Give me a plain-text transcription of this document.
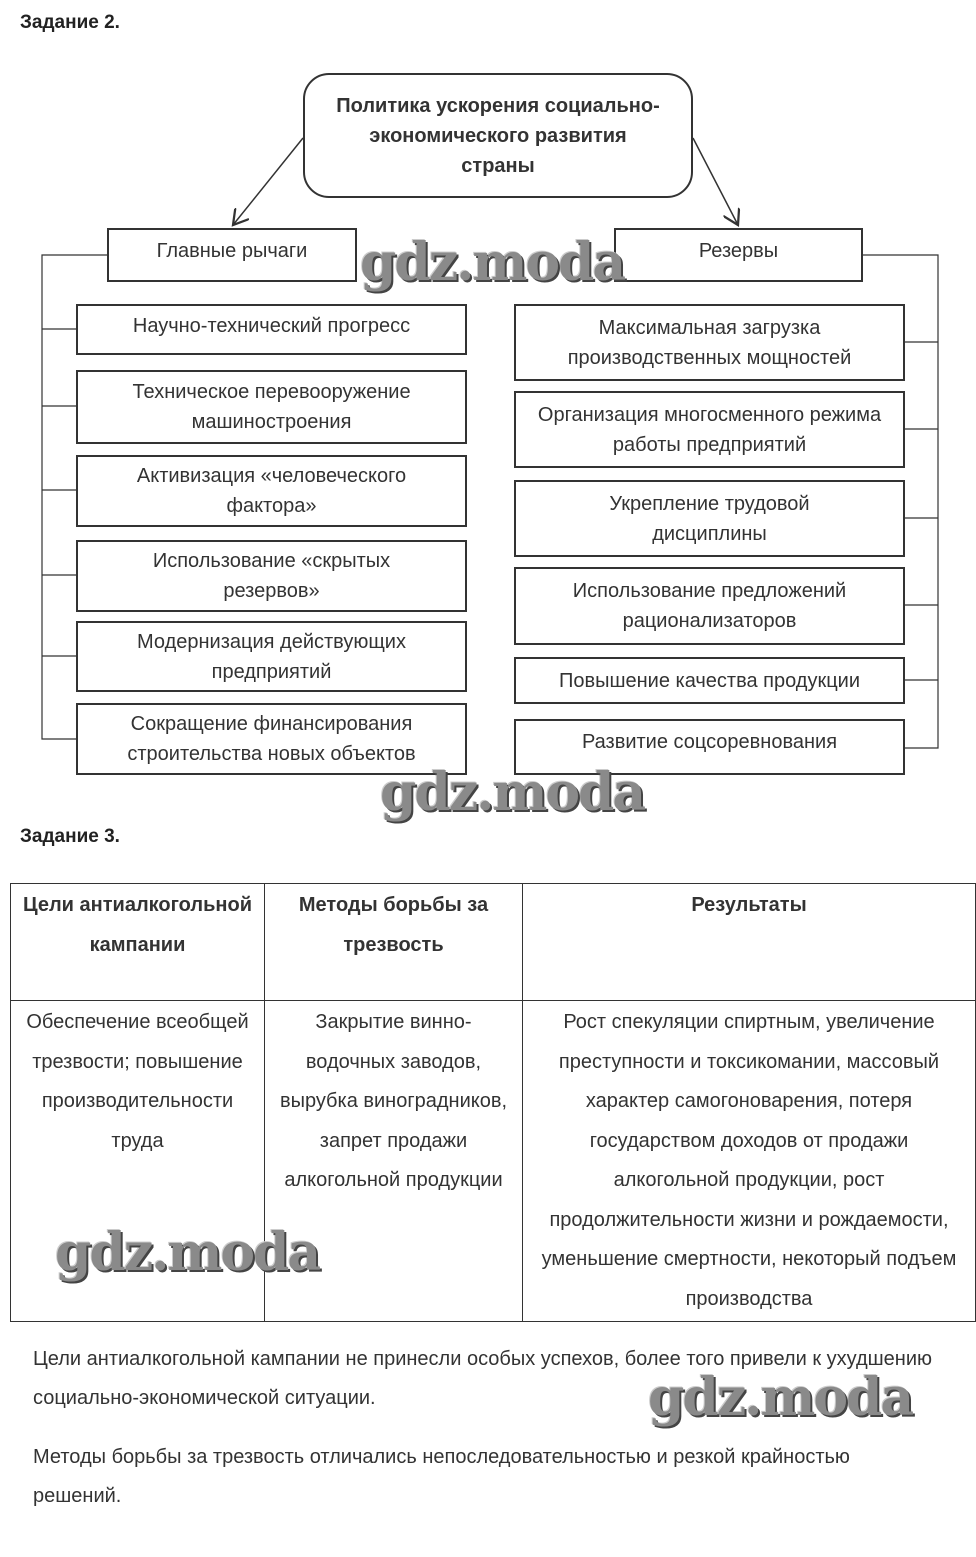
Задание 2.
Политика ускорения социально-экономического развития страны
Главные рычаги	Резервы
Научно-технический прогресс
Техническое перевооружение машиностроения
Активизация «человеческого фактора»
Использование «скрытых резервов»
Модернизация действующих предприятий
Сокращение финансирования строительства новых объектов
Максимальная загрузка производственных мощностей
Организация многосменного режима работы предприятий
Укрепление трудовой дисциплины
Использование предложений рационализаторов
Повышение качества продукции
Развитие соцсоревнования
Задание 3.
Цели антиалкогольной кампании	Методы борьбы за трезвость	Результаты
Обеспечение всеобщей трезвости; повышение производительности труда	Закрытие винно-водочных заводов, вырубка виноградников, запрет продажи алкогольной продукции	Рост спекуляции спиртным, увеличение преступности и токсикомании, массовый характер самогоноварения, потеря государством доходов от продажи алкогольной продукции, рост продолжительности жизни и рождаемости, уменьшение смертности, некоторый подъем производства
Цели антиалкогольной кампании не принесли особых успехов, более того привели к ухудшению социально-экономической ситуации.
Методы борьбы за трезвость отличались непоследовательностью и резкой крайностью решений.
gdz.moda
gdz.moda
gdz.moda
gdz.moda
